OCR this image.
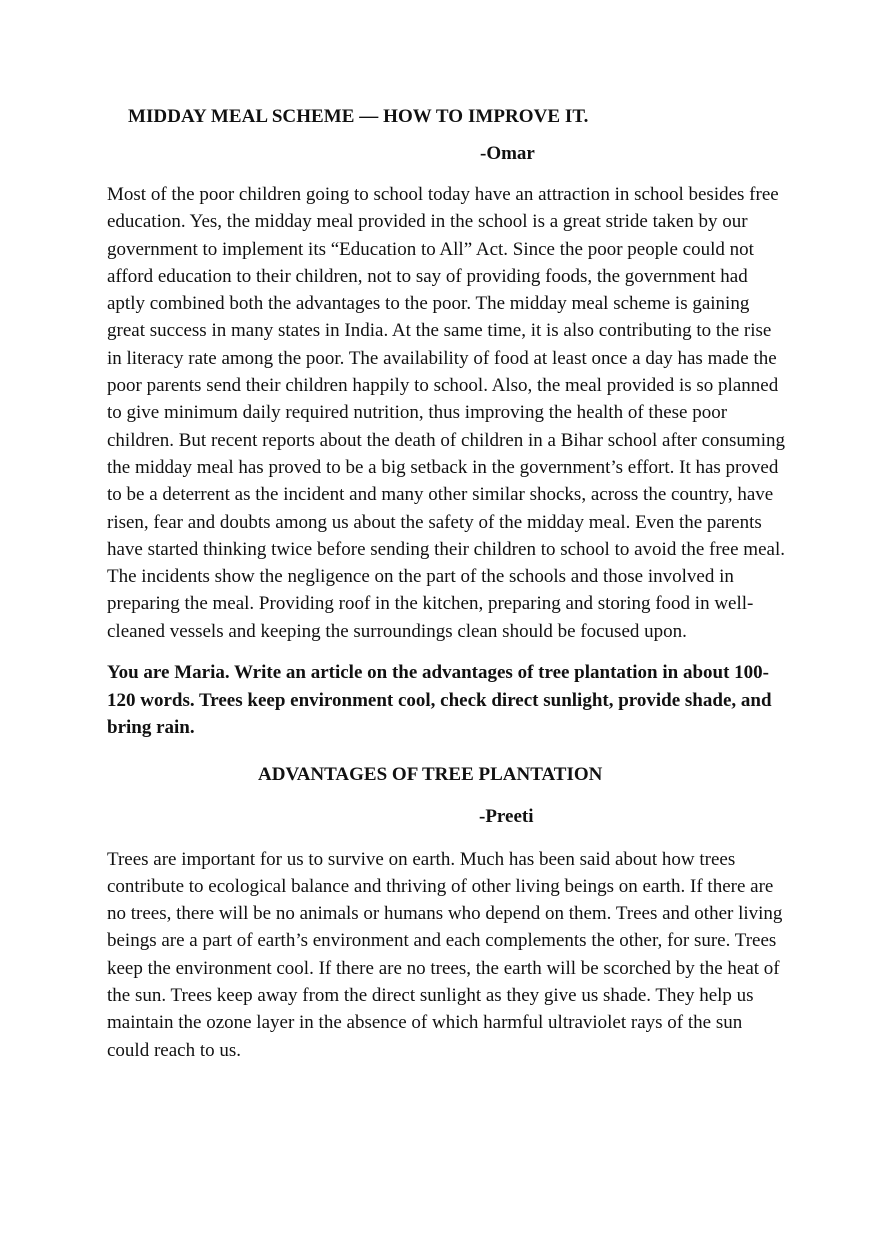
MIDDAY MEAL SCHEME — HOW TO IMPROVE IT.
-Omar

Most of the poor children going to school today have an attraction in school besides free education. Yes, the midday meal provided in the school is a great stride taken by our government to implement its “Education to All” Act. Since the poor people could not afford education to their children, not to say of providing foods, the government had aptly combined both the advantages to the poor. The midday meal scheme is gaining great success in many states in India. At the same time, it is also contributing to the rise in literacy rate among the poor. The availability of food at least once a day has made the poor parents send their children happily to school. Also, the meal provided is so planned to give minimum daily required nutrition, thus improving the health of these poor children. But recent reports about the death of children in a Bihar school after consuming the midday meal has proved to be a big setback in the government’s effort. It has proved to be a deterrent as the incident and many other similar shocks, across the country, have risen, fear and doubts among us about the safety of the midday meal. Even the parents have started thinking twice before sending their children to school to avoid the free meal. The incidents show the negligence on the part of the schools and those involved in preparing the meal. Providing roof in the kitchen, preparing and storing food in well-cleaned vessels and keeping the surroundings clean should be focused upon.

You are Maria. Write an article on the advantages of tree plantation in about 100-120 words. Trees keep environment cool, check direct sunlight, provide shade, and bring rain.

ADVANTAGES OF TREE PLANTATION
-Preeti

Trees are important for us to survive on earth. Much has been said about how trees contribute to ecological balance and thriving of other living beings on earth. If there are no trees, there will be no animals or humans who depend on them. Trees and other living beings are a part of earth’s environment and each complements the other, for sure. Trees keep the environment cool. If there are no trees, the earth will be scorched by the heat of the sun. Trees keep away from the direct sunlight as they give us shade. They help us maintain the ozone layer in the absence of which harmful ultraviolet rays of the sun could reach to us.
